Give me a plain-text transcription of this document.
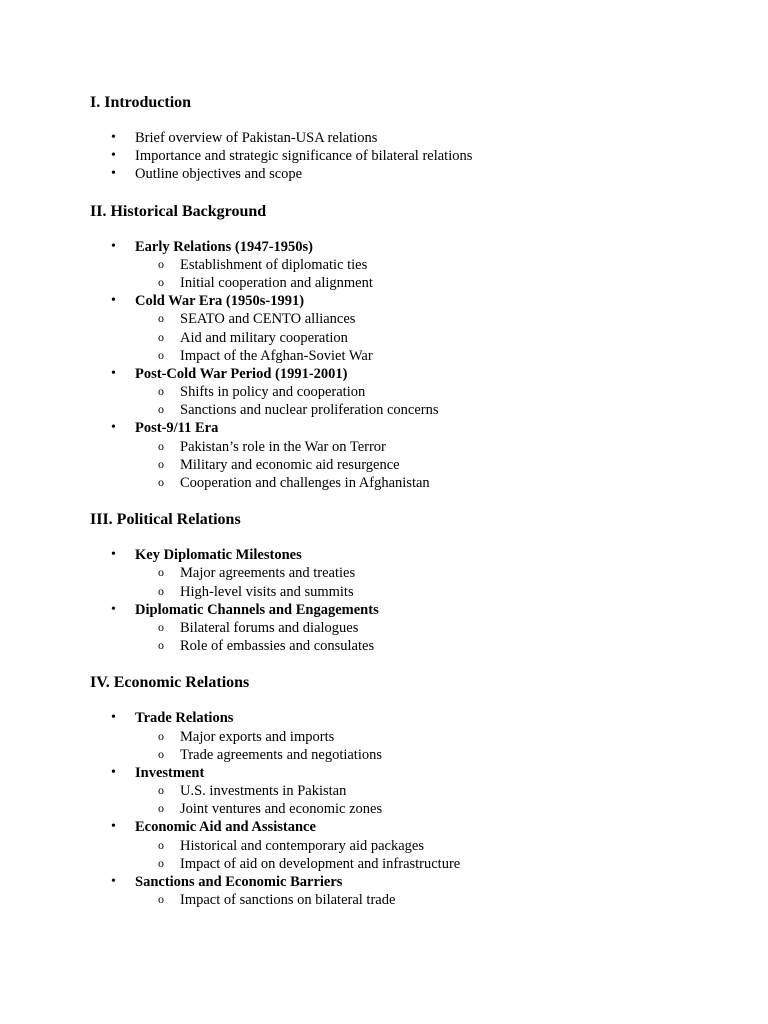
I. Introduction
• Brief overview of Pakistan-USA relations
• Importance and strategic significance of bilateral relations
• Outline objectives and scope
II. Historical Background
• Early Relations (1947-1950s)
o Establishment of diplomatic ties
o Initial cooperation and alignment
• Cold War Era (1950s-1991)
o SEATO and CENTO alliances
o Aid and military cooperation
o Impact of the Afghan-Soviet War
• Post-Cold War Period (1991-2001)
o Shifts in policy and cooperation
o Sanctions and nuclear proliferation concerns
• Post-9/11 Era
o Pakistan’s role in the War on Terror
o Military and economic aid resurgence
o Cooperation and challenges in Afghanistan
III. Political Relations
• Key Diplomatic Milestones
o Major agreements and treaties
o High-level visits and summits
• Diplomatic Channels and Engagements
o Bilateral forums and dialogues
o Role of embassies and consulates
IV. Economic Relations
• Trade Relations
o Major exports and imports
o Trade agreements and negotiations
• Investment
o U.S. investments in Pakistan
o Joint ventures and economic zones
• Economic Aid and Assistance
o Historical and contemporary aid packages
o Impact of aid on development and infrastructure
• Sanctions and Economic Barriers
o Impact of sanctions on bilateral trade
